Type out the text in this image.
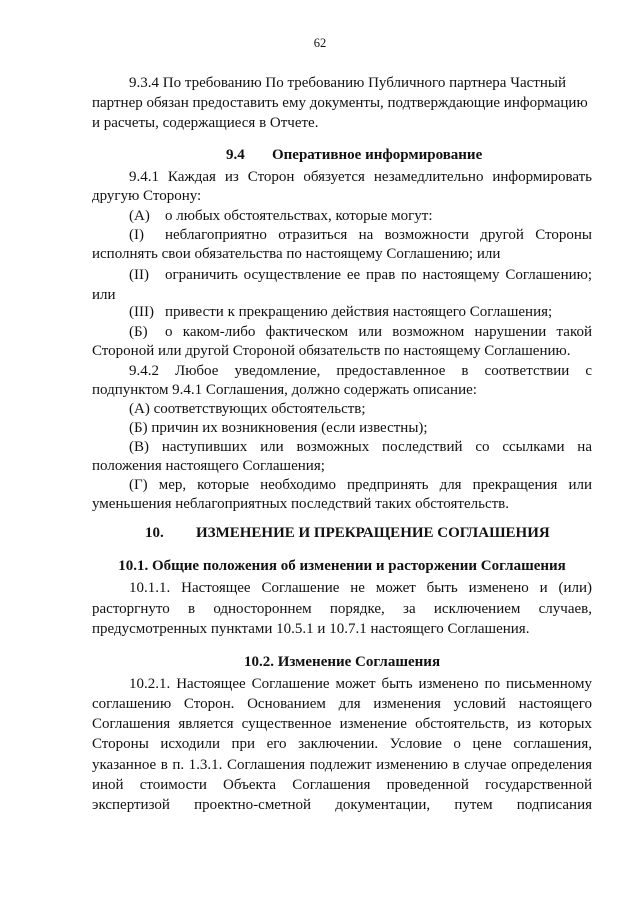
62
9.3.4 По требованию По требованию Публичного партнера Частный
партнер обязан предоставить ему документы, подтверждающие информацию
и расчеты, содержащиеся в Отчете.
9.4 Оперативное информирование
9.4.1 Каждая из Сторон обязуется незамедлительно информировать
другую Сторону:
(А) о любых обстоятельствах, которые могут:
(I) неблагоприятно отразиться на возможности другой Стороны
исполнять свои обязательства по настоящему Соглашению; или
(II) ограничить осуществление ее прав по настоящему Соглашению;
или
(III) привести к прекращению действия настоящего Соглашения;
(Б) о каком-либо фактическом или возможном нарушении такой
Стороной или другой Стороной обязательств по настоящему Соглашению.
9.4.2 Любое уведомление, предоставленное в соответствии с
подпунктом 9.4.1 Соглашения, должно содержать описание:
(А) соответствующих обстоятельств;
(Б) причин их возникновения (если известны);
(В) наступивших или возможных последствий со ссылками на
положения настоящего Соглашения;
(Г) мер, которые необходимо предпринять для прекращения или
уменьшения неблагоприятных последствий таких обстоятельств.
10. ИЗМЕНЕНИЕ И ПРЕКРАЩЕНИЕ СОГЛАШЕНИЯ
10.1. Общие положения об изменении и расторжении Соглашения
10.1.1. Настоящее Соглашение не может быть изменено и (или)
расторгнуто в одностороннем порядке, за исключением случаев,
предусмотренных пунктами 10.5.1 и 10.7.1 настоящего Соглашения.
10.2. Изменение Соглашения
10.2.1. Настоящее Соглашение может быть изменено по письменному
соглашению Сторон. Основанием для изменения условий настоящего
Соглашения является существенное изменение обстоятельств, из которых
Стороны исходили при его заключении. Условие о цене соглашения,
указанное в п. 1.3.1. Соглашения подлежит изменению в случае определения
иной стоимости Объекта Соглашения проведенной государственной
экспертизой проектно-сметной документации, путем подписания
